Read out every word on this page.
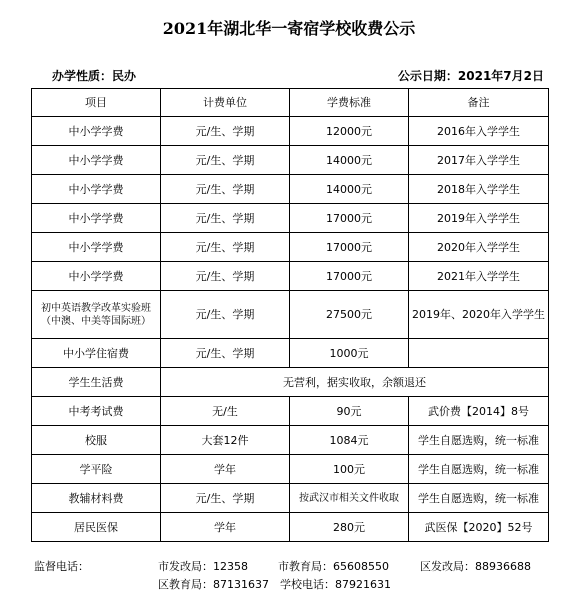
2021年湖北华一寄宿学校收费公示
办学性质：民办	公示日期：2021年7月2日
项目	计费单位	学费标准	备注
中小学学费	元/生、学期	12000元	2016年入学学生
中小学学费	元/生、学期	14000元	2017年入学学生
中小学学费	元/生、学期	14000元	2018年入学学生
中小学学费	元/生、学期	17000元	2019年入学学生
中小学学费	元/生、学期	17000元	2020年入学学生
中小学学费	元/生、学期	17000元	2021年入学学生
初中英语教学改革实验班（中澳、中美等国际班）	元/生、学期	27500元	2019年、2020年入学学生
中小学住宿费	元/生、学期	1000元	
学生生活费	无营利，据实收取，余额退还		
中考考试费	无/生	90元	武价费【2014】8号
校服	大套12件	1084元	学生自愿选购，统一标准
学平险	学年	100元	学生自愿选购，统一标准
教辅材料费	元/生、学期	按武汉市相关文件收取	学生自愿选购，统一标准
居民医保	学年	280元	武医保【2020】52号
监督电话：	市发改局：12358	市教育局：65608550	区发改局：88936688
区教育局：87131637 学校电话：87921631
